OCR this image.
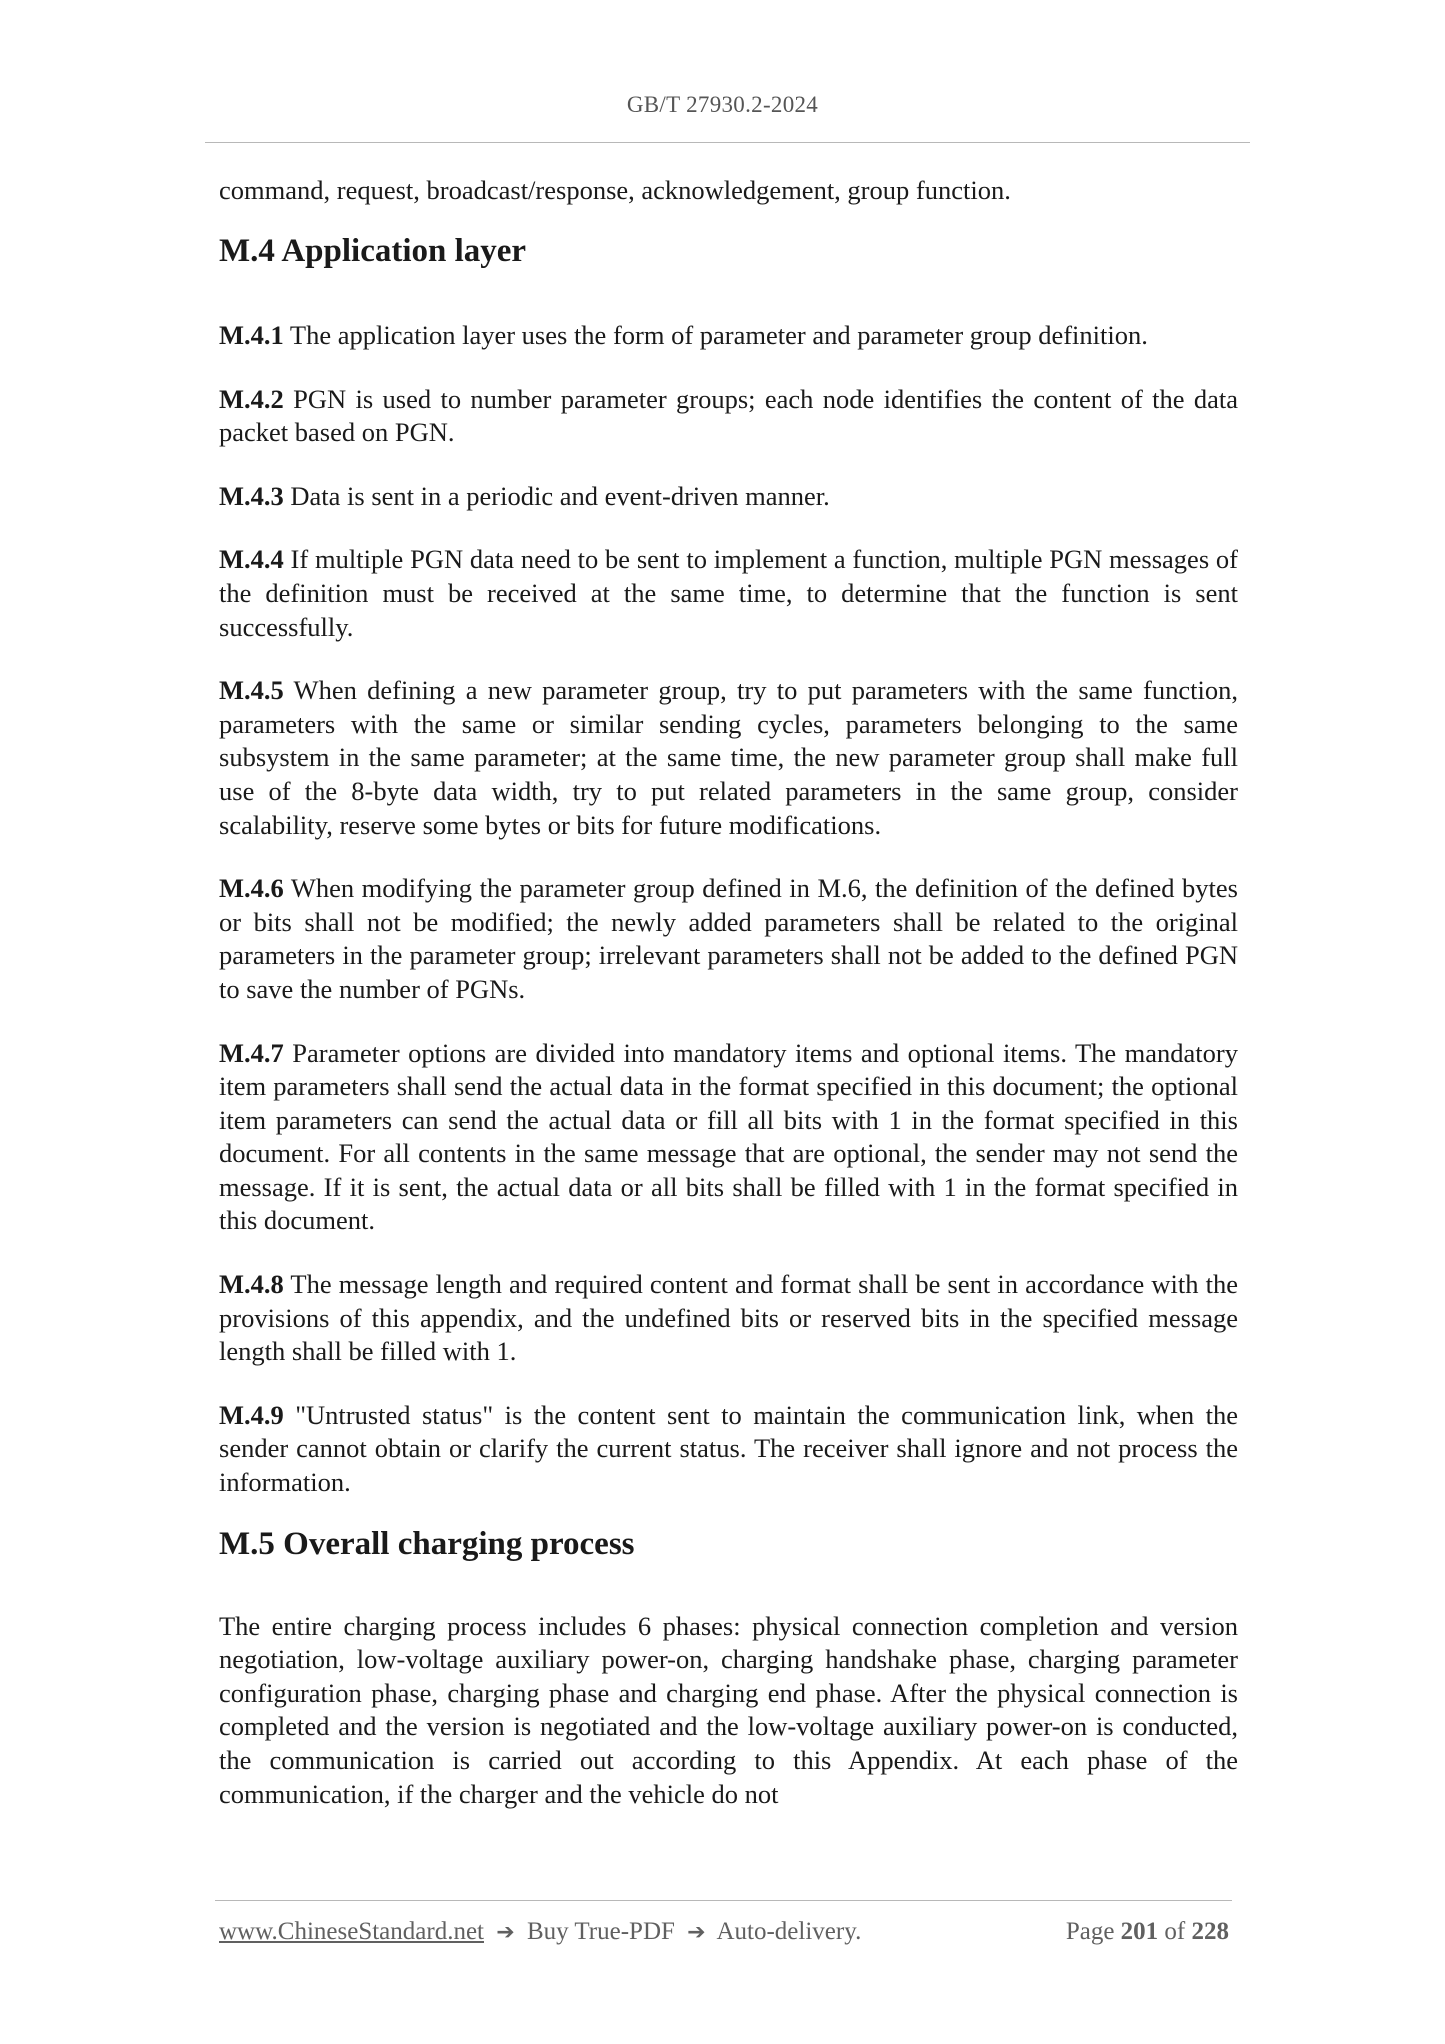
GB/T 27930.2-2024

command, request, broadcast/response, acknowledgement, group function.

M.4 Application layer

M.4.1 The application layer uses the form of parameter and parameter group definition.

M.4.2 PGN is used to number parameter groups; each node identifies the content of the data packet based on PGN.

M.4.3 Data is sent in a periodic and event-driven manner.

M.4.4 If multiple PGN data need to be sent to implement a function, multiple PGN messages of the definition must be received at the same time, to determine that the function is sent successfully.

M.4.5 When defining a new parameter group, try to put parameters with the same function, parameters with the same or similar sending cycles, parameters belonging to the same subsystem in the same parameter; at the same time, the new parameter group shall make full use of the 8-byte data width, try to put related parameters in the same group, consider scalability, reserve some bytes or bits for future modifications.

M.4.6 When modifying the parameter group defined in M.6, the definition of the defined bytes or bits shall not be modified; the newly added parameters shall be related to the original parameters in the parameter group; irrelevant parameters shall not be added to the defined PGN to save the number of PGNs.

M.4.7 Parameter options are divided into mandatory items and optional items. The mandatory item parameters shall send the actual data in the format specified in this document; the optional item parameters can send the actual data or fill all bits with 1 in the format specified in this document. For all contents in the same message that are optional, the sender may not send the message. If it is sent, the actual data or all bits shall be filled with 1 in the format specified in this document.

M.4.8 The message length and required content and format shall be sent in accordance with the provisions of this appendix, and the undefined bits or reserved bits in the specified message length shall be filled with 1.

M.4.9 "Untrusted status" is the content sent to maintain the communication link, when the sender cannot obtain or clarify the current status. The receiver shall ignore and not process the information.

M.5 Overall charging process

The entire charging process includes 6 phases: physical connection completion and version negotiation, low-voltage auxiliary power-on, charging handshake phase, charging parameter configuration phase, charging phase and charging end phase. After the physical connection is completed and the version is negotiated and the low-voltage auxiliary power-on is conducted, the communication is carried out according to this Appendix. At each phase of the communication, if the charger and the vehicle do not

www.ChineseStandard.net ➔ Buy True-PDF ➔ Auto-delivery.	Page 201 of 228
